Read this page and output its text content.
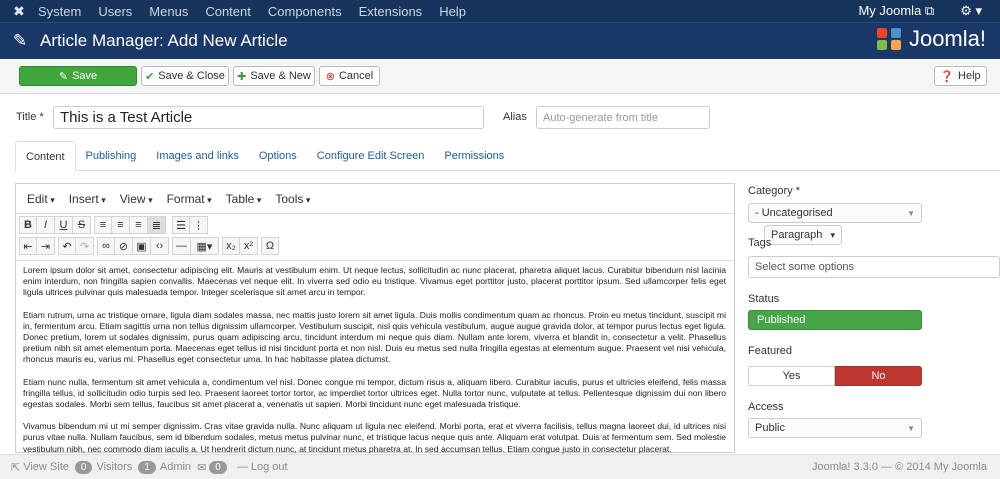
✖	System Users Menus Content Components Extensions Help	My Joomla ⧉ ⚙ ▾
✎ Article Manager: Add New Article	Joomla!
✎ Save	✔ Save & Close ✚ Save & New ⊗ Cancel	❓ Help
Title *	This is a Test Article	Alias	Auto-generate from title
Content	Publishing	Images and links	Options	Configure Edit Screen	Permissions
Edit ▾	Insert ▾	View ▾	Format ▾	Table ▾	Tools ▾
B	I	U S	≡	≡	≡ ≣
Paragraph
▾
☰ ⋮
⇤ ⇥	↶ ↷	∞ ⊘ ▣ ‹›	— ▦▾	x₂ x²	Ω

Lorem ipsum dolor sit amet, consectetur adipiscing elit. Mauris at vestibulum enim. Ut neque lectus, sollicitudin ac nunc placerat, pharetra aliquet lacus. Curabitur bibendum nisl lacinia enim interdum, non fringilla sapien convallis. Maecenas vel neque elit. In viverra sed odio eu tristique. Vivamus eget porttitor justo, placerat porttitor ipsum. Sed ullamcorper felis eget ligula ultrices pulvinar quis malesuada tempor. Integer scelerisque sit amet arcu in tempor.

Etiam rutrum, urna ac tristique ornare, ligula diam sodales massa, nec mattis justo lorem sit amet ligula. Duis mollis condimentum quam ac rhoncus. Proin eu metus tincidunt, suscipit mi in, fermentum arcu. Etiam sagittis urna non tellus dignissim ullamcorper. Vestibulum suscipit, nisl quis vehicula vestibulum, augue augue gravida dolor, at tempor purus lectus eget ligula. Donec pretium, lorem ut sodales dignissim, purus quam adipiscing arcu, tincidunt interdum mi neque quis diam. Nullam ante lorem, viverra et blandit in, consectetur a velit. Phasellus pretium nibh sit amet elementum porta. Maecenas eget tellus id nisi tincidunt porta et non nisl. Duis eu metus sed nulla fringilla egestas at elementum augue. Praesent vel nisi vehicula, rhoncus mauris eu, varius mi. Phasellus eget consectetur urna. In hac habitasse platea dictumst.

Etiam nunc nulla, fermentum sit amet vehicula a, condimentum vel nisl. Donec congue mi tempor, dictum risus a, aliquam libero. Curabitur iaculis, purus et ultricies eleifend, felis massa fringilla tellus, id sollicitudin odio turpis sed leo. Praesent laoreet tortor tortor, ac imperdiet tortor ultrices eget. Nulla tortor nunc, vulputate at tellus. Pellentesque dignissim dui non libero egestas sodales. Morbi sem tellus, faucibus sit amet placerat a, venenatis ut sapien. Morbi tincidunt nunc eget malesuada tristique.

Vivamus bibendum mi ut mi semper dignissim. Cras vitae gravida nulla. Nunc aliquam ut ligula nec eleifend. Morbi porta, erat et viverra facilisis, tellus magna laoreet dui, id ultrices nisi purus vitae nulla. Nullam faucibus, sem id bibendum sodales, metus metus pulvinar nunc, et tristique lacus neque quis ante. Aliquam erat volutpat. Duis at fermentum sem. Sed molestie vestibulum nibh, nec commodo diam iaculis a. Ut hendrerit dictum nunc, at tincidunt metus pharetra at. In sed accumsan tellus. Etiam congue justo in consectetur placerat.

Category *
- Uncategorised	▼
Tags
Select some options
Status
Published
Featured
Yes	No
Access
Public	▼
⇱ View Site	0 Visitors	1 Admin ✉ 0	— Log out	Joomla! 3.3.0 — © 2014 My Joomla
